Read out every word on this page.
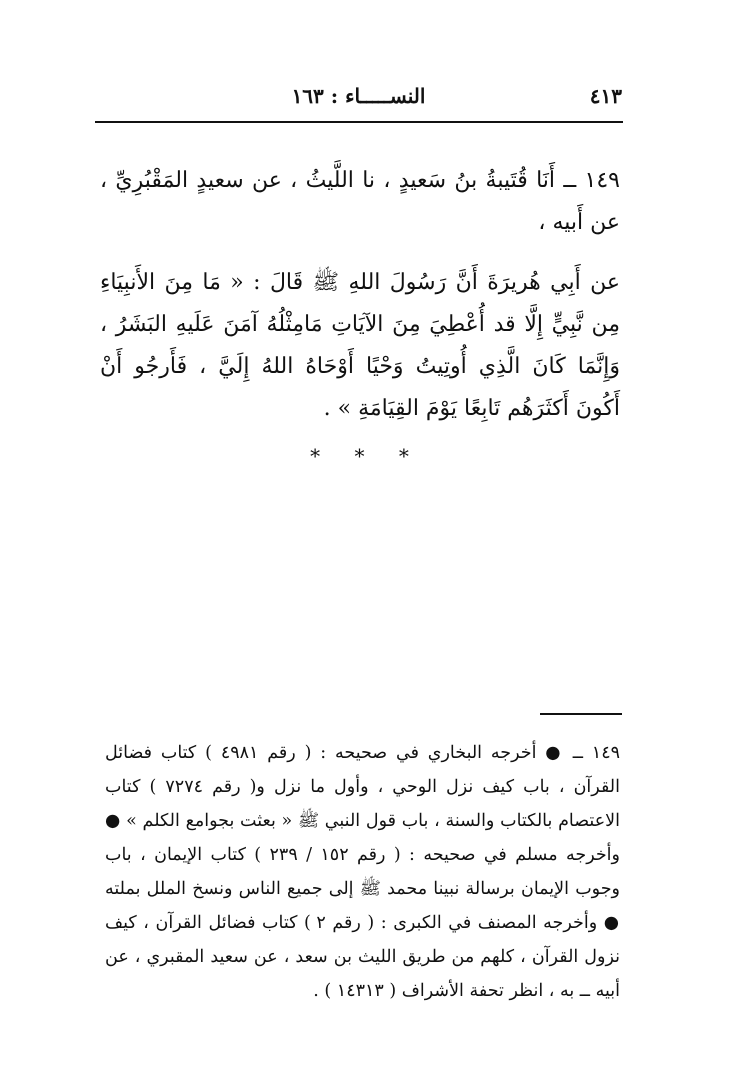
٤١٣
النســـــاء : ١٦٣

١٤٩ ــ أَنَا قُتَيبةُ بنُ سَعيدٍ ، نا اللَّيثُ ، عن سعيدٍ المَقْبُرِيِّ ، عن أَبيه ،

عن أَبِي هُريرَةَ أَنَّ رَسُولَ اللهِ ﷺ قَالَ : « مَا مِنَ الأَنبِيَاءِ مِن نَّبِيٍّ إِلَّا قد أُعْطِيَ مِنَ الآيَاتِ مَامِثْلُهُ آمَنَ عَلَيهِ البَشَرُ ، وَإِنَّمَا كَانَ الَّذِي أُوتِيتُ وَحْيًا أَوْحَاهُ اللهُ إِلَيَّ ، فَأَرجُو أَنْ أَكُونَ أَكثَرَهُم تَابِعًا يَوْمَ القِيَامَةِ » .

* * *

١٤٩ ــ ● أخرجه البخاري في صحيحه : ( رقم ٤٩٨١ ) كتاب فضائل القرآن ، باب كيف نزل الوحي ، وأول ما نزل و( رقم ٧٢٧٤ ) كتاب الاعتصام بالكتاب والسنة ، باب قول النبي ﷺ « بعثت بجوامع الكلم » ● وأخرجه مسلم في صحيحه : ( رقم ١٥٢ / ٢٣٩ ) كتاب الإيمان ، باب وجوب الإيمان برسالة نبينا محمد ﷺ إلى جميع الناس ونسخ الملل بملته ● وأخرجه المصنف في الكبرى : ( رقم ٢ ) كتاب فضائل القرآن ، كيف نزول القرآن ، كلهم من طريق الليث بن سعد ، عن سعيد المقبري ، عن أبيه ــ به ، انظر تحفة الأشراف ( ١٤٣١٣ ) .
